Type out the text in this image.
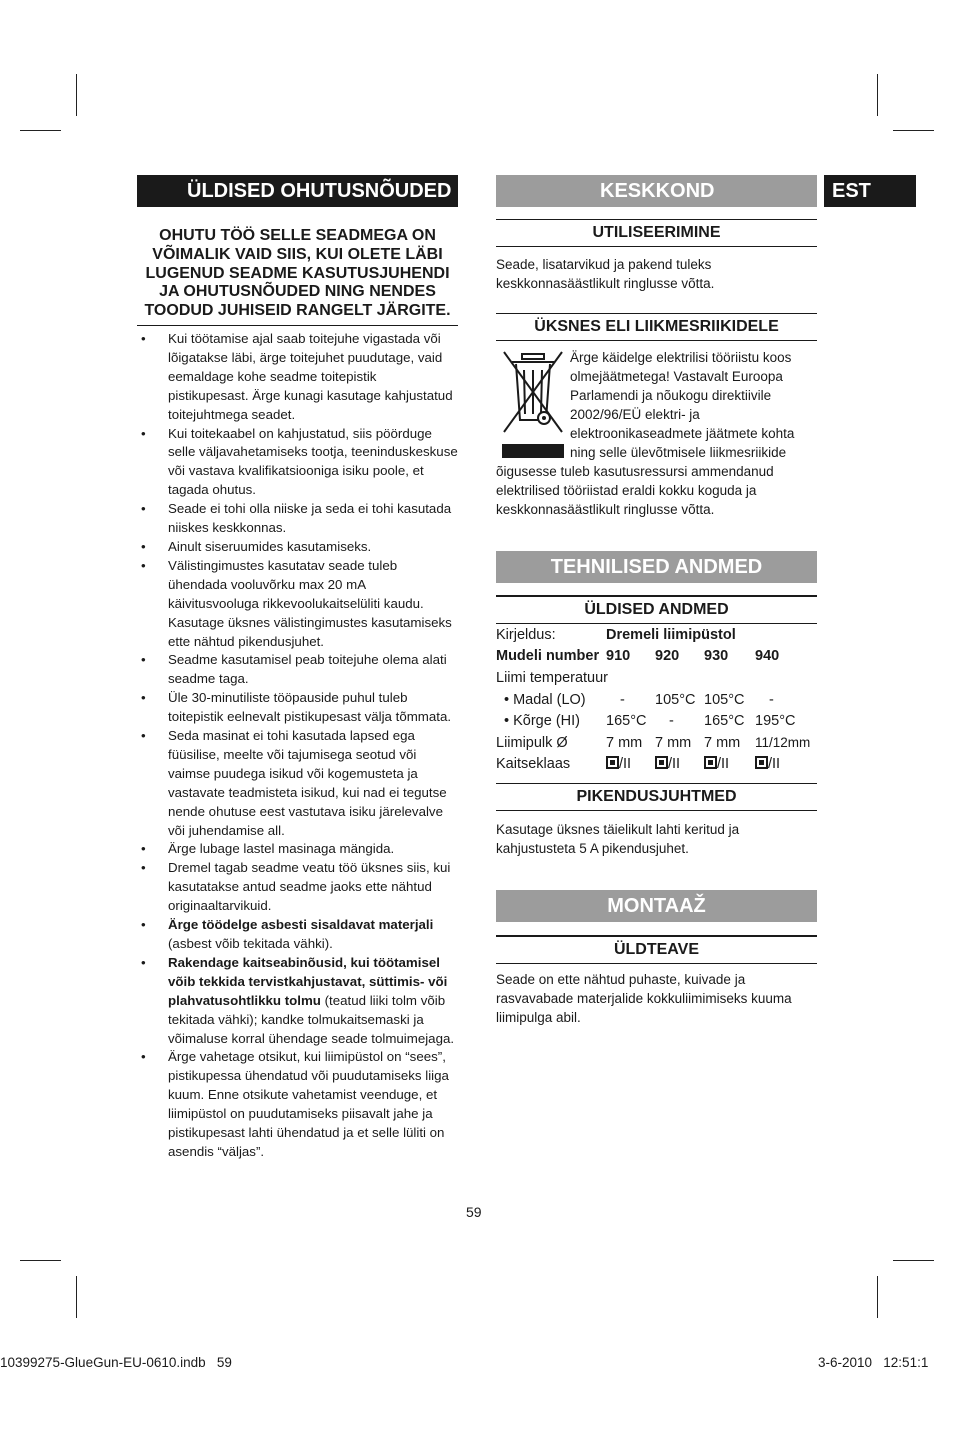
ÜLDISED OHUTUSNÕUDED
OHUTU TÖÖ SELLE SEADMEGA ON VÕIMALIK VAID SIIS, KUI OLETE LÄBI LUGENUD SEADME KASUTUSJUHENDI JA OHUTUSNÕUDED NING NENDES TOODUD JUHISEID RANGELT JÄRGITE.
• Kui töötamise ajal saab toitejuhe vigastada või lõigatakse läbi, ärge toitejuhet puudutage, vaid eemaldage kohe seadme toitepistik pistikupesast. Ärge kunagi kasutage kahjustatud toitejuhtmega seadet.
• Kui toitekaabel on kahjustatud, siis pöörduge selle väljavahetamiseks tootja, teeninduskeskuse või vastava kvalifikatsiooniga isiku poole, et tagada ohutus.
• Seade ei tohi olla niiske ja seda ei tohi kasutada niiskes keskkonnas.
• Ainult siseruumides kasutamiseks.
• Välistingimustes kasutatav seade tuleb ühendada vooluvõrku max 20 mA käivitusvooluga rikkevoolukaitselüliti kaudu. Kasutage üksnes välistingimustes kasutamiseks ette nähtud pikendusjuhet.
• Seadme kasutamisel peab toitejuhe olema alati seadme taga.
• Üle 30-minutiliste tööpauside puhul tuleb toitepistik eelnevalt pistikupesast välja tõmmata.
• Seda masinat ei tohi kasutada lapsed ega füüsilise, meelte või tajumisega seotud või vaimse puudega isikud või kogemusteta ja vastavate teadmisteta isikud, kui nad ei tegutse nende ohutuse eest vastutava isiku järelevalve või juhendamise all.
• Ärge lubage lastel masinaga mängida.
• Dremel tagab seadme veatu töö üksnes siis, kui kasutatakse antud seadme jaoks ette nähtud originaaltarvikuid.
• Ärge töödelge asbesti sisaldavat materjali (asbest võib tekitada vähki).
• Rakendage kaitseabinõusid, kui töötamisel võib tekkida tervistkahjustavat, süttimis- või plahvatusohtlikku tolmu (teatud liiki tolm võib tekitada vähki); kandke tolmukaitsemaski ja võimaluse korral ühendage seade tolmuimejaga.
• Ärge vahetage otsikut, kui liimipüstol on “sees”, pistikupessa ühendatud või puudutamiseks liiga kuum. Enne otsikute vahetamist veenduge, et liimipüstol on puudutamiseks piisavalt jahe ja pistikupesast lahti ühendatud ja et selle lüliti on asendis “väljas”.
KESKKOND	EST
UTILISEERIMINE
Seade, lisatarvikud ja pakend tuleks keskkonnasäästlikult ringlusse võtta.
ÜKSNES ELI LIIKMESRIIKIDELE
Ärge käidelge elektrilisi tööriistu koos olmejäätmetega! Vastavalt Euroopa Parlamendi ja nõukogu direktiivile 2002/96/EÜ elektri- ja elektroonikaseadmete jäätmete kohta ning selle ülevõtmisele liikmesriikide õigusesse tuleb kasutusressursi ammendanud elektrilised tööriistad eraldi kokku koguda ja keskkonnasäästlikult ringlusse võtta.
TEHNILISED ANDMED
ÜLDISED ANDMED
Kirjeldus:	Dremeli liimipüstol			
Mudeli number	910	920	930	940
Liimi temperatuur				
• Madal (LO)	-	105°C	105°C	-
• Kõrge (HI)	165°C	-	165°C	195°C
Liimipulk Ø	7 mm	7 mm	7 mm	11/12mm
Kaitseklaas	/II	/II	/II	/II
PIKENDUSJUHTMED
Kasutage üksnes täielikult lahti keritud ja kahjustusteta 5 A pikendusjuhet.
MONTAAŽ
ÜLDTEAVE
Seade on ette nähtud puhaste, kuivade ja rasvavabade materjalide kokkuliimimiseks kuuma liimipulga abil.
59
10399275-GlueGun-EU-0610.indb   59	3-6-2010   12:51:1
